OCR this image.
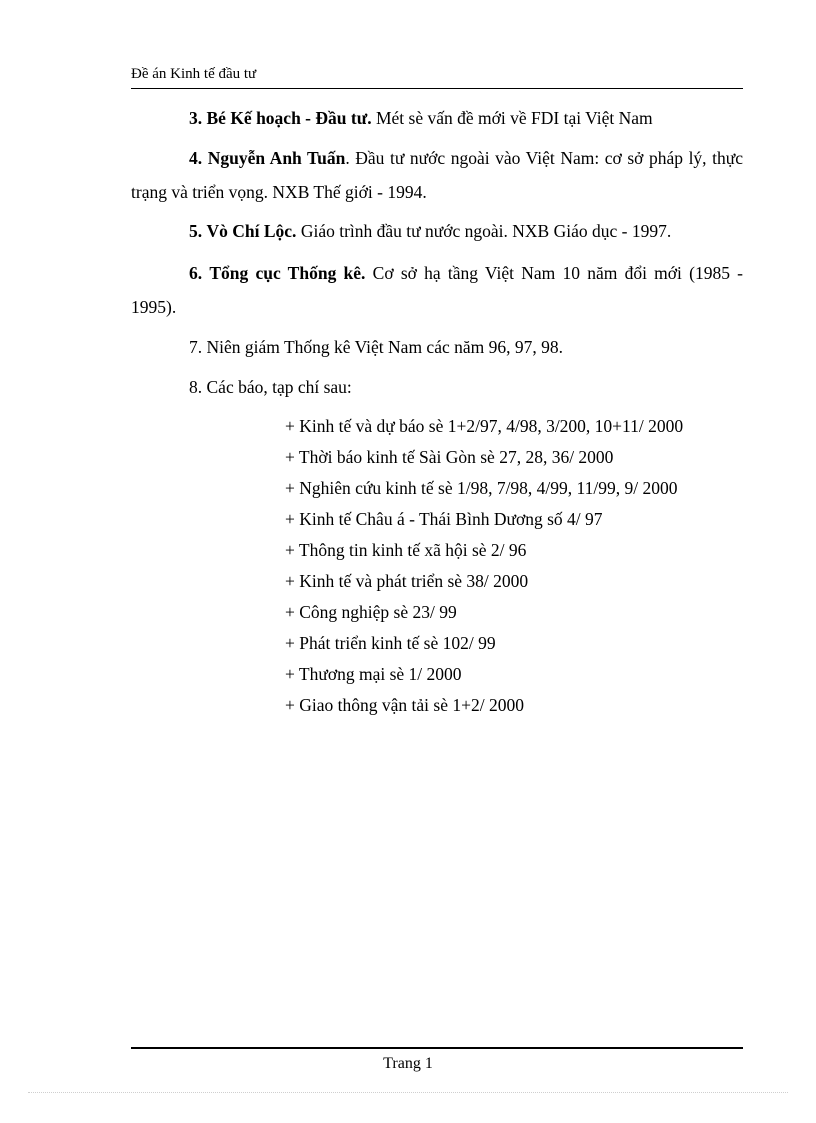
Đề án Kinh tế đầu tư

3. Bé Kế hoạch - Đầu tư. Mét sè vấn đề mới về FDI tại Việt Nam

4. Nguyễn Anh Tuấn. Đầu tư nước ngoài vào Việt Nam: cơ sở pháp lý, thực trạng và triển vọng. NXB Thế giới - 1994.

5. Vò Chí Lộc. Giáo trình đầu tư nước ngoài. NXB Giáo dục - 1997.

6. Tổng cục Thống kê. Cơ sở hạ tầng Việt Nam 10 năm đổi mới (1985 - 1995).

7. Niên giám Thống kê Việt Nam các năm 96, 97, 98.

8. Các báo, tạp chí sau:

+ Kinh tế và dự báo sè 1+2/97, 4/98, 3/200, 10+11/ 2000

+ Thời báo kinh tế Sài Gòn sè 27, 28, 36/ 2000

+ Nghiên cứu kinh tế sè 1/98, 7/98, 4/99, 11/99, 9/ 2000

+ Kinh tế Châu á - Thái Bình Dương số 4/ 97

+ Thông tin kinh tế xã hội sè 2/ 96

+ Kinh tế và phát triển sè 38/ 2000

+ Công nghiệp sè 23/ 99

+ Phát triển kinh tế sè 102/ 99

+ Thương mại sè 1/ 2000

+ Giao thông vận tải sè 1+2/ 2000

Trang 1
